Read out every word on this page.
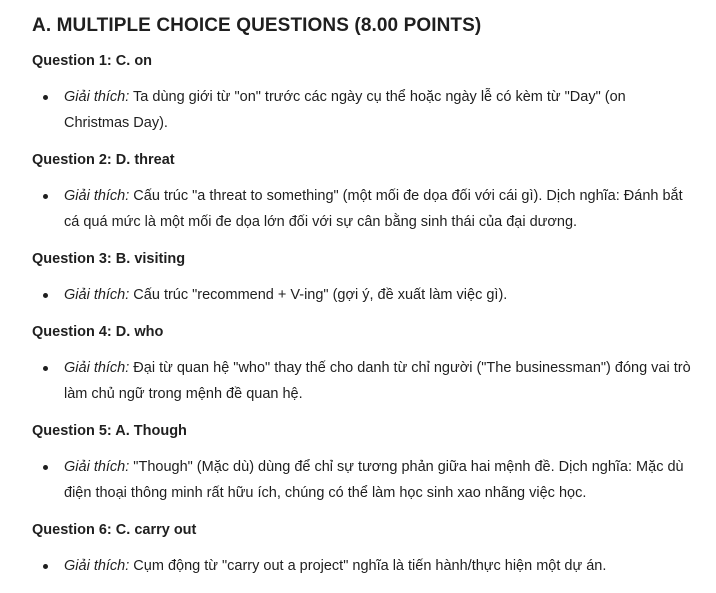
A. MULTIPLE CHOICE QUESTIONS (8.00 POINTS)
Question 1: C. on
Giải thích: Ta dùng giới từ "on" trước các ngày cụ thể hoặc ngày lễ có kèm từ "Day" (on Christmas Day).
Question 2: D. threat
Giải thích: Cấu trúc "a threat to something" (một mối đe dọa đối với cái gì). Dịch nghĩa: Đánh bắt cá quá mức là một mối đe dọa lớn đối với sự cân bằng sinh thái của đại dương.
Question 3: B. visiting
Giải thích: Cấu trúc "recommend + V-ing" (gợi ý, đề xuất làm việc gì).
Question 4: D. who
Giải thích: Đại từ quan hệ "who" thay thế cho danh từ chỉ người ("The businessman") đóng vai trò làm chủ ngữ trong mệnh đề quan hệ.
Question 5: A. Though
Giải thích: "Though" (Mặc dù) dùng để chỉ sự tương phản giữa hai mệnh đề. Dịch nghĩa: Mặc dù điện thoại thông minh rất hữu ích, chúng có thể làm học sinh xao nhãng việc học.
Question 6: C. carry out
Giải thích: Cụm động từ "carry out a project" nghĩa là tiến hành/thực hiện một dự án.
